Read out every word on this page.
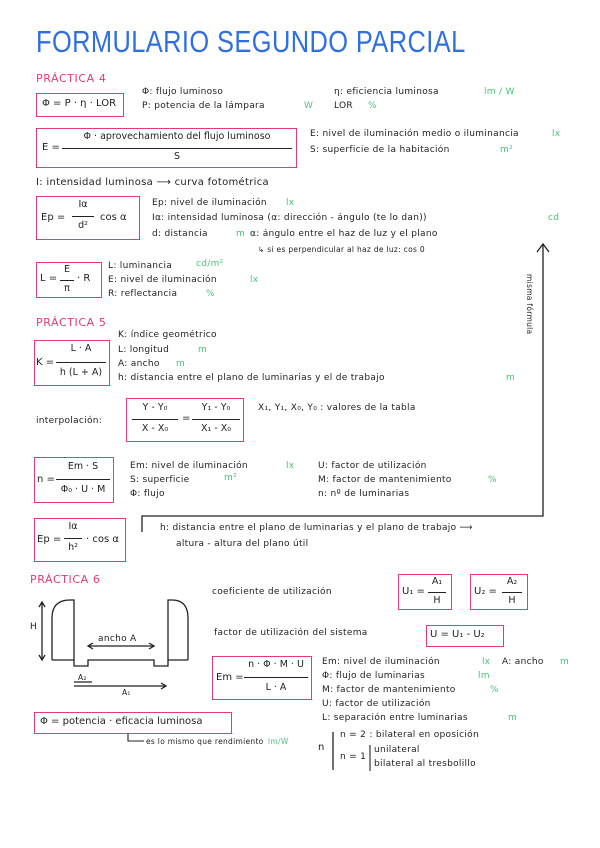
FORMULARIO SEGUNDO PARCIAL
PRÁCTICA 4
Φ = P · η · LOR
Φ: flujo luminoso
P: potencia de la lámpara	W
η: eficiencia luminosa	lm / W
LOR %
E =
Φ · aprovechamiento del flujo luminoso
S
E: nivel de iluminación medio o iluminancia	lx
S: superficie de la habitación	m²
I: intensidad luminosa ⟶ curva fotométrica
Ep =
Iα
d²
cos α
Ep: nivel de iluminación lx
Iα: intensidad luminosa (α: dirección - ángulo (te lo dan))	cd
d: distancia	m α: ángulo entre el haz de luz y el plano
↳ si es perpendicular al haz de luz: cos 0
L =
E
π
· R
L: luminancia	cd/m²
E: nivel de iluminación	lx
R: reflectancia	%	misma fórmula
PRÁCTICA 5
K =
L · A
h (L + A)
K: índice geométrico
L: longitud	m
A: ancho m
h: distancia entre el plano de luminarias y el de trabajo	m
interpolación:
Y - Y₀
X - X₀
=
Y₁ - Y₀
X₁ - X₀
X₁, Y₁, X₀, Y₀ : valores de la tabla
n =
Em · S
Φ₀ · U · M
Em: nivel de iluminación	lx
S: superficie	m²
Φ: flujo
U: factor de utilización
M: factor de mantenimiento	%
n: nº de luminarias
Ep =
Iα
h²
· cos α
h: distancia entre el plano de luminarias y el plano de trabajo ⟶
altura - altura del plano útil
PRÁCTICA 6
coeficiente de utilización	U₁ =
A₁
H
U₂ =
A₂
H
factor de utilización del sistema	U = U₁ - U₂
Em =
n · Φ · M · U
L · A
Em: nivel de iluminación	lx A: ancho m
Φ: flujo de luminarias	lm
M: factor de mantenimiento	%
U: factor de utilización
L: separación entre luminarias	m
Φ = potencia · eficacia luminosa
es lo mismo que rendimiento lm/W
n
n = 2 : bilateral en oposición
n = 1
unilateral
bilateral al tresbolillo
H
ancho A
A₂
A₁
